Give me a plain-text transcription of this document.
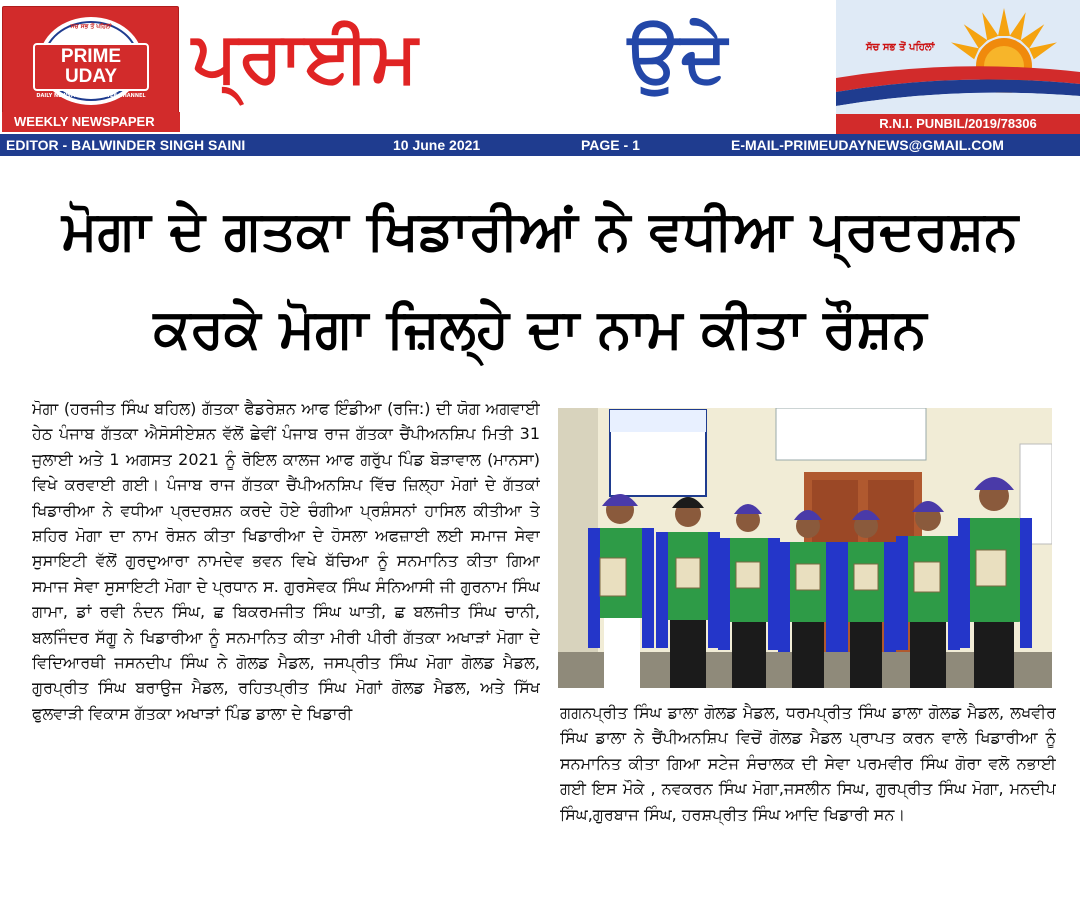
ਸਚ ਸਭ ਤੋਂ ਪਹਿਲਾਂ
PRIME
UDAY
DAILY NEWSPAPER AND WEB CHANNEL
WEEKLY NEWSPAPER
ਪ੍ਰਾਈਮ	ਉਦੇ	ਸੱਚ ਸਭ ਤੋਂ ਪਹਿਲਾਂ
R.N.I. PUNBIL/2019/78306
EDITOR - BALWINDER SINGH SAINI	10 June 2021	PAGE - 1	E-MAIL-PRIMEUDAYNEWS@GMAIL.COM
ਮੋਗਾ ਦੇ ਗਤਕਾ ਖਿਡਾਰੀਆਂ ਨੇ ਵਧੀਆ ਪ੍ਰਦਰਸ਼ਨ
ਕਰਕੇ ਮੋਗਾ ਜ਼ਿਲ੍ਹੇ ਦਾ ਨਾਮ ਕੀਤਾ ਰੌਸ਼ਨ
ਮੋਗਾ (ਹਰਜੀਤ ਸਿੰਘ ਬਹਿਲ) ਗੱਤਕਾ ਫੈਡਰੇਸ਼ਨ ਆਫ ਇੰਡੀਆ (ਰਜਿ:) ਦੀ ਯੋਗ ਅਗਵਾਈ ਹੇਠ ਪੰਜਾਬ ਗੱਤਕਾ ਐਸੋਸੀਏਸ਼ਨ ਵੱਲੋਂ ਛੇਵੀਂ ਪੰਜਾਬ ਰਾਜ ਗੱਤਕਾ ਚੈਂਪੀਅਨਸ਼ਿਪ ਮਿਤੀ 31 ਜੁਲਾਈ ਅਤੇ 1 ਅਗਸਤ 2021 ਨੂੰ ਰੋਇਲ ਕਾਲਜ ਆਫ ਗਰੁੱਪ ਪਿੰਡ ਬੋੜਾਵਾਲ (ਮਾਨਸਾ) ਵਿਖੇ ਕਰਵਾਈ ਗਈ। ਪੰਜਾਬ ਰਾਜ ਗੱਤਕਾ ਚੈਂਪੀਅਨਸ਼ਿਪ ਵਿੱਚ ਜ਼ਿਲ੍ਹਾ ਮੋਗਾਂ ਦੇ ਗੱਤਕਾਂ ਖਿਡਾਰੀਆ ਨੇ ਵਧੀਆ ਪ੍ਰਦਰਸ਼ਨ ਕਰਦੇ ਹੋਏ ਚੰਗੀਆ ਪ੍ਰਸ਼ੰਸਨਾਂ ਹਾਸਿਲ ਕੀਤੀਆ ਤੇ ਸ਼ਹਿਰ ਮੋਗਾ ਦਾ ਨਾਮ ਰੋਸ਼ਨ ਕੀਤਾ ਖਿਡਾਰੀਆ ਦੇ ਹੋਸਲਾ ਅਫਜ਼ਾਈ ਲਈ ਸਮਾਜ ਸੇਵਾ ਸੁਸਾਇਟੀ ਵੱਲੋਂ ਗੁਰਦੁਆਰਾ ਨਾਮਦੇਵ ਭਵਨ ਵਿਖੇ ਬੱਚਿਆ ਨੂੰ ਸਨਮਾਨਿਤ ਕੀਤਾ ਗਿਆ ਸਮਾਜ ਸੇਵਾ ਸੁਸਾਇਟੀ ਮੋਗਾ ਦੇ ਪ੍ਰਧਾਨ ਸ. ਗੁਰਸੇਵਕ ਸਿੰਘ ਸੰਨਿਆਸੀ ਜੀ ਗੁਰਨਾਮ ਸਿੰਘ ਗਾਮਾ, ਡਾਂ ਰਵੀ ਨੰਦਨ ਸਿੰਘ, ਛ ਬਿਕਰਮਜੀਤ ਸਿੰਘ ਘਾਤੀ, ਛ ਬਲਜੀਤ ਸਿੰਘ ਚਾਨੀ, ਬਲਜਿੰਦਰ ਸੱਗੂ ਨੇ ਖਿਡਾਰੀਆ ਨੂੰ ਸਨਮਾਨਿਤ ਕੀਤਾ ਮੀਰੀ ਪੀਰੀ ਗੱਤਕਾ ਅਖਾੜਾਂ ਮੋਗਾ ਦੇ ਵਿਦਿਆਰਥੀ ਜਸਨਦੀਪ ਸਿੰਘ ਨੇ ਗੋਲਡ ਮੈਡਲ, ਜਸਪ੍ਰੀਤ ਸਿੰਘ ਮੋਗਾ ਗੋਲਡ ਮੈਡਲ, ਗੁਰਪ੍ਰੀਤ ਸਿੰਘ ਬਰਾਉਜ ਮੈਡਲ, ਰਹਿਤਪ੍ਰੀਤ ਸਿੰਘ ਮੋਗਾਂ ਗੋਲਡ ਮੈਡਲ, ਅਤੇ ਸਿੱਖ ਫੁਲਵਾੜੀ ਵਿਕਾਸ ਗੱਤਕਾ ਅਖਾੜਾਂ ਪਿੰਡ ਡਾਲਾ ਦੇ ਖਿਡਾਰੀ	ਗਗਨਪ੍ਰੀਤ ਸਿੰਘ ਡਾਲਾ ਗੋਲਡ ਮੈਡਲ, ਧਰਮਪ੍ਰੀਤ ਸਿੰਘ ਡਾਲਾ ਗੋਲਡ ਮੈਡਲ, ਲਖਵੀਰ ਸਿੰਘ ਡਾਲਾ ਨੇ ਚੈਂਪੀਅਨਸ਼ਿਪ ਵਿਚੋਂ ਗੋਲਡ ਮੈਡਲ ਪ੍ਰਾਪਤ ਕਰਨ ਵਾਲੇ ਖਿਡਾਰੀਆ ਨੂੰ ਸਨਮਾਨਿਤ ਕੀਤਾ ਗਿਆ ਸਟੇਜ ਸੰਚਾਲਕ ਦੀ ਸੇਵਾ ਪਰਮਵੀਰ ਸਿੰਘ ਗੋਰਾ ਵਲੋ ਨਭਾਈ ਗਈ ਇਸ ਮੌਕੇ , ਨਵਕਰਨ ਸਿੰਘ ਮੋਗਾ,ਜਸਲੀਨ ਸਿਘ, ਗੁਰਪ੍ਰੀਤ ਸਿੰਘ ਮੋਗਾ, ਮਨਦੀਪ ਸਿੰਘ,ਗੁਰਬਾਜ ਸਿੰਘ, ਹਰਸ਼ਪ੍ਰੀਤ ਸਿੰਘ ਆਦਿ ਖਿਡਾਰੀ ਸਨ।
